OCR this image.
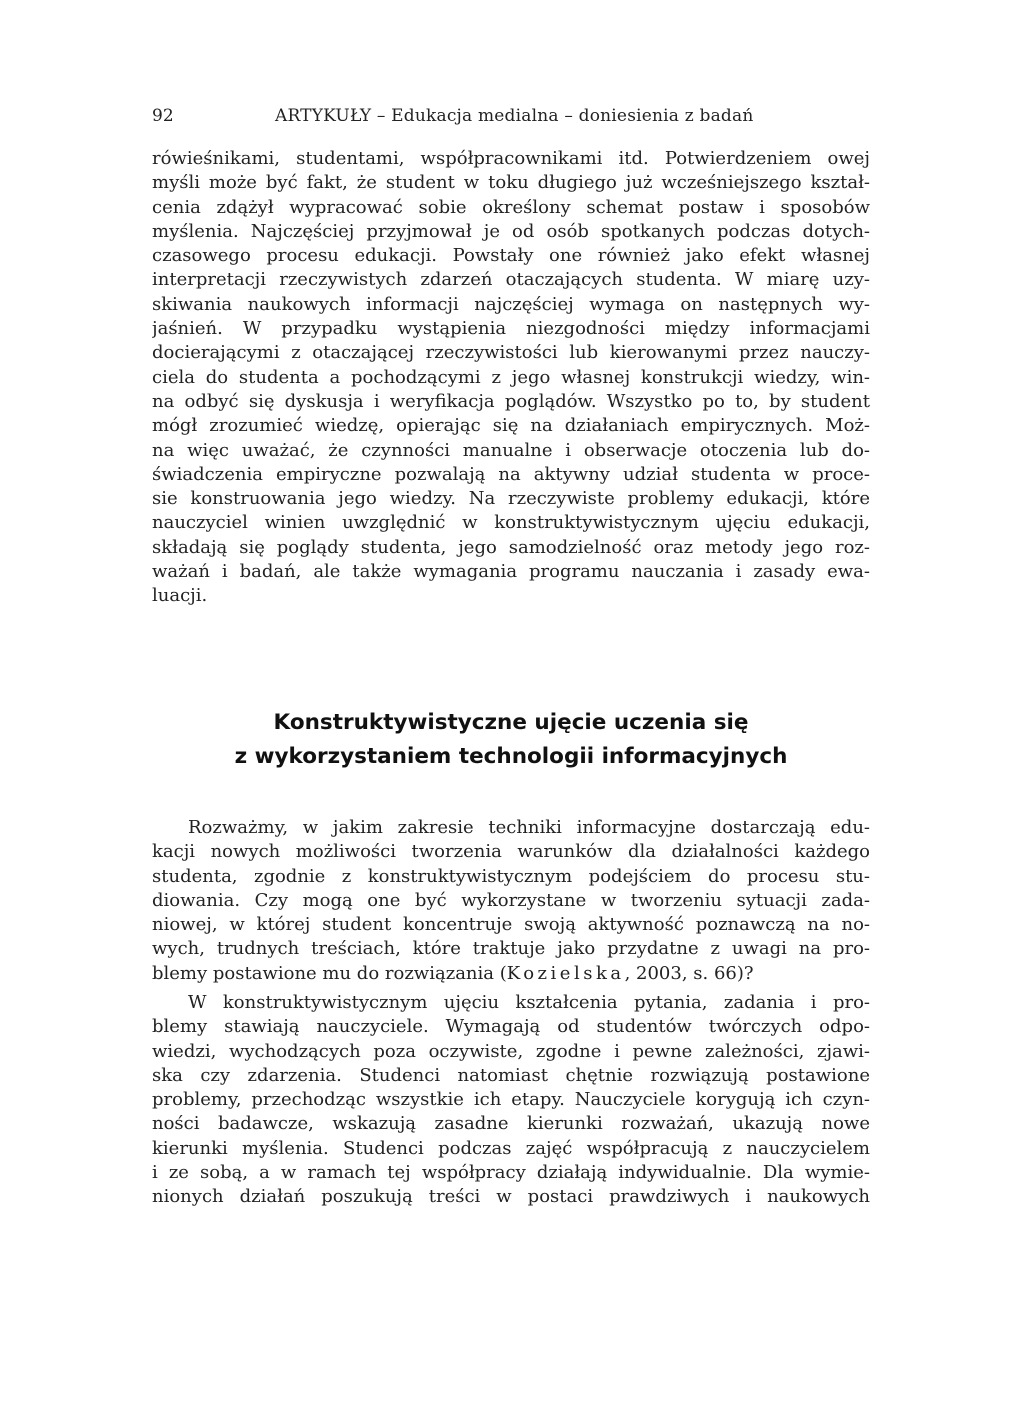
92	ARTYKUŁY – Edukacja medialna – doniesienia z badań
rówieśnikami, studentami, współpracownikami itd. Potwierdzeniem owej
myśli może być fakt, że student w toku długiego już wcześniejszego kształ-
cenia zdążył wypracować sobie określony schemat postaw i sposobów
myślenia. Najczęściej przyjmował je od osób spotkanych podczas dotych-
czasowego procesu edukacji. Powstały one również jako efekt własnej
interpretacji rzeczywistych zdarzeń otaczających studenta. W miarę uzy-
skiwania naukowych informacji najczęściej wymaga on następnych wy-
jaśnień. W przypadku wystąpienia niezgodności między informacjami
docierającymi z otaczającej rzeczywistości lub kierowanymi przez nauczy-
ciela do studenta a pochodzącymi z jego własnej konstrukcji wiedzy, win-
na odbyć się dyskusja i weryfikacja poglądów. Wszystko po to, by student
mógł zrozumieć wiedzę, opierając się na działaniach empirycznych. Moż-
na więc uważać, że czynności manualne i obserwacje otoczenia lub do-
świadczenia empiryczne pozwalają na aktywny udział studenta w proce-
sie konstruowania jego wiedzy. Na rzeczywiste problemy edukacji, które
nauczyciel winien uwzględnić w konstruktywistycznym ujęciu edukacji,
składają się poglądy studenta, jego samodzielność oraz metody jego roz-
ważań i badań, ale także wymagania programu nauczania i zasady ewa-
luacji.
Konstruktywistyczne ujęcie uczenia się
z wykorzystaniem technologii informacyjnych
Rozważmy, w jakim zakresie techniki informacyjne dostarczają edu-
kacji nowych możliwości tworzenia warunków dla działalności każdego
studenta, zgodnie z konstruktywistycznym podejściem do procesu stu-
diowania. Czy mogą one być wykorzystane w tworzeniu sytuacji zada-
niowej, w której student koncentruje swoją aktywność poznawczą na no-
wych, trudnych treściach, które traktuje jako przydatne z uwagi na pro-
blemy postawione mu do rozwiązania (Kozielska, 2003, s. 66)?
W konstruktywistycznym ujęciu kształcenia pytania, zadania i pro-
blemy stawiają nauczyciele. Wymagają od studentów twórczych odpo-
wiedzi, wychodzących poza oczywiste, zgodne i pewne zależności, zjawi-
ska czy zdarzenia. Studenci natomiast chętnie rozwiązują postawione
problemy, przechodząc wszystkie ich etapy. Nauczyciele korygują ich czyn-
ności badawcze, wskazują zasadne kierunki rozważań, ukazują nowe
kierunki myślenia. Studenci podczas zajęć współpracują z nauczycielem
i ze sobą, a w ramach tej współpracy działają indywidualnie. Dla wymie-
nionych działań poszukują treści w postaci prawdziwych i naukowych
